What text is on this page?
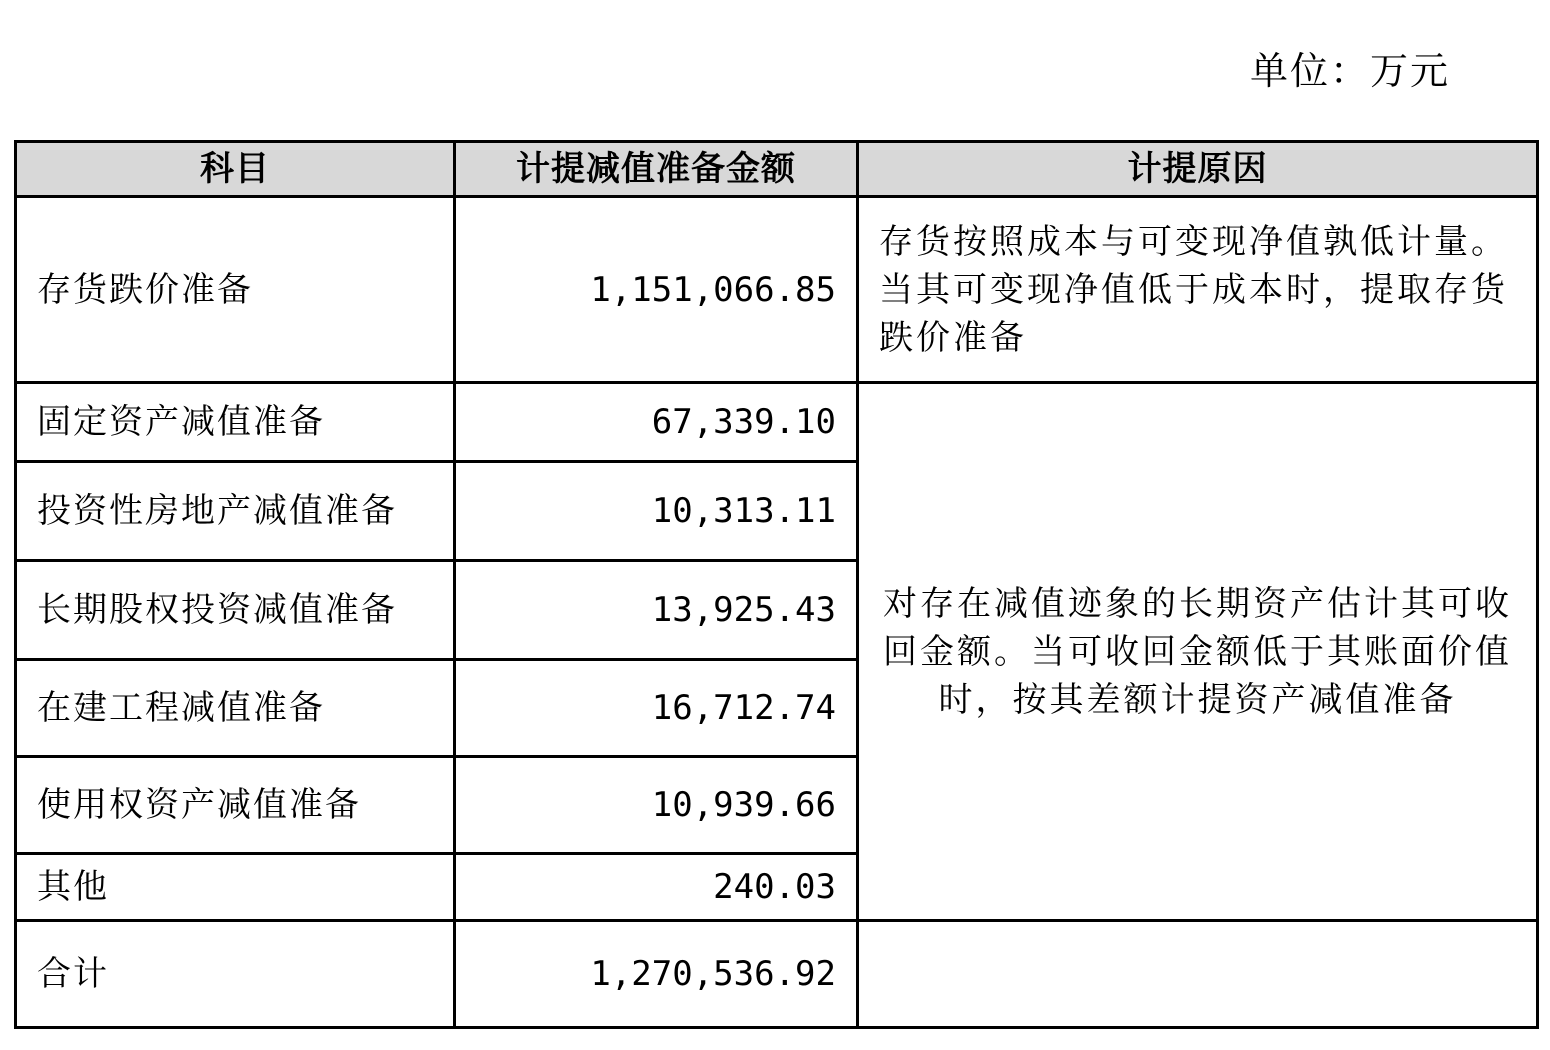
单位：万元
科目	计提减值准备金额	计提原因
存货跌价准备	1,151,066.85	存货按照成本与可变现净值孰低计量。当其可变现净值低于成本时，提取存货跌价准备
固定资产减值准备	67,339.10	对存在减值迹象的长期资产估计其可收回金额。当可收回金额低于其账面价值时，按其差额计提资产减值准备
投资性房地产减值准备	10,313.11	
长期股权投资减值准备	13,925.43	
在建工程减值准备	16,712.74	
使用权资产减值准备	10,939.66	
其他	240.03	
合计	1,270,536.92	
